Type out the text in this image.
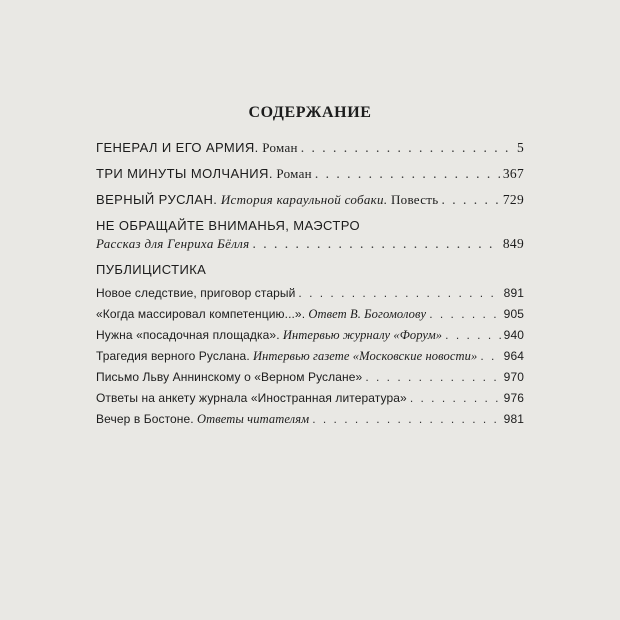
СОДЕРЖАНИЕ
ГЕНЕРАЛ И ЕГО АРМИЯ. Роман . . .	5
ТРИ МИНУТЫ МОЛЧАНИЯ. Роман . . .	367
ВЕРНЫЙ РУСЛАН. История караульной собаки. Повесть . . .	729
НЕ ОБРАЩАЙТЕ ВНИМАНЬЯ, МАЭСТРО
Рассказ для Генриха Бёлля . . .	849
ПУБЛИЦИСТИКА
Новое следствие, приговор старый . . .	891
«Когда массировал компетенцию...». Ответ В. Богомолову . . .	905
Нужна «посадочная площадка». Интервью журналу «Форум» . . .	940
Трагедия верного Руслана. Интервью газете «Московские новости» . . . 964
Письмо Льву Аннинскому о «Верном Руслане» . . .	970
Ответы на анкету журнала «Иностранная литература» . . .	976
Вечер в Бостоне. Ответы читателям . . .	981
